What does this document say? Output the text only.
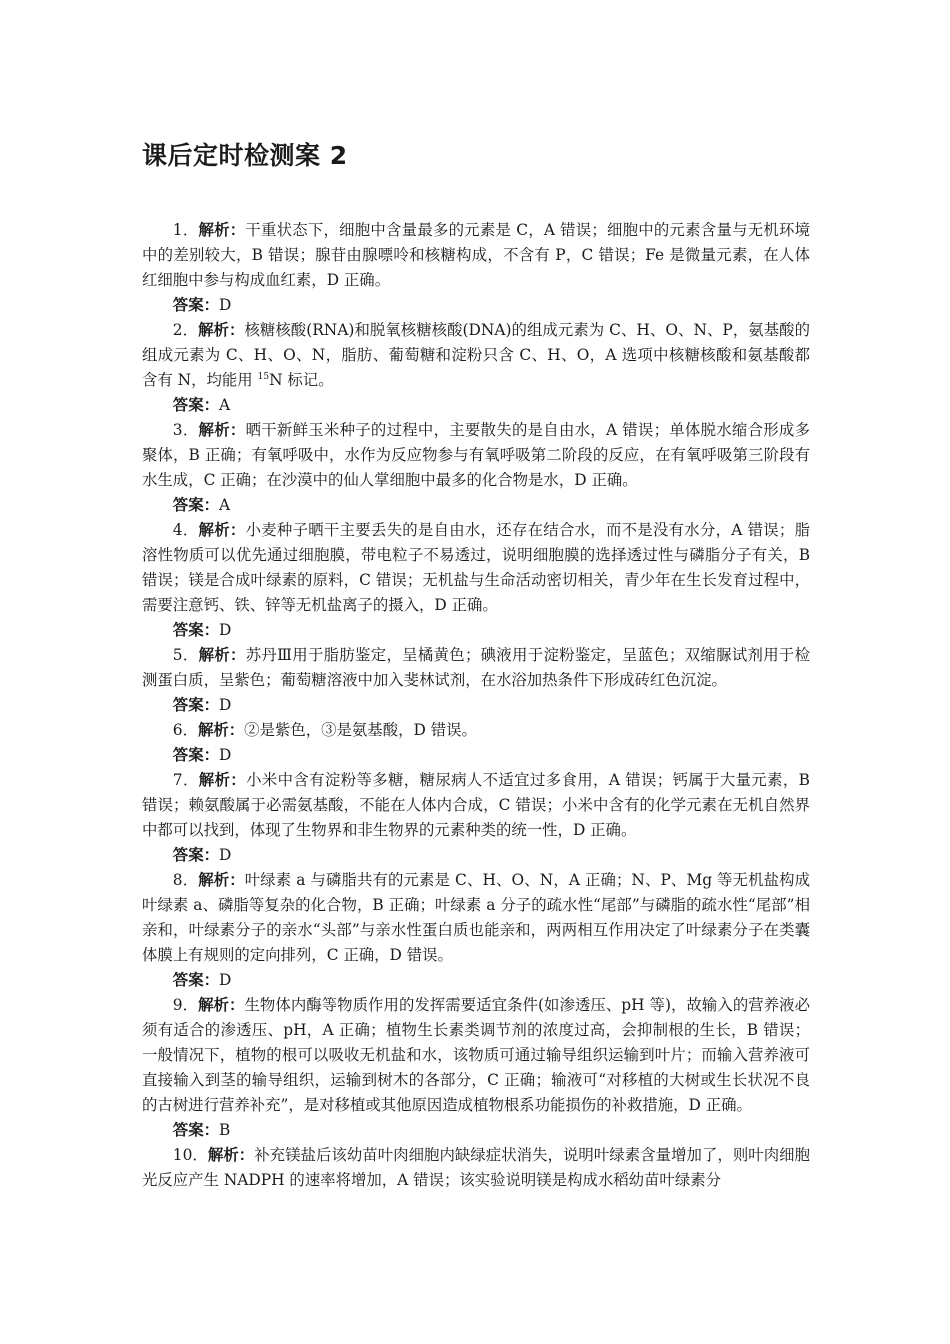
课后定时检测案 2

1．解析：干重状态下，细胞中含量最多的元素是 C，A 错误；细胞中的元素含量与无机环境中的差别较大，B 错误；腺苷由腺嘌呤和核糖构成，不含有 P，C 错误；Fe 是微量元素，在人体红细胞中参与构成血红素，D 正确。

答案：D

2．解析：核糖核酸(RNA)和脱氧核糖核酸(DNA)的组成元素为 C、H、O、N、P，氨基酸的组成元素为 C、H、O、N，脂肪、葡萄糖和淀粉只含 C、H、O，A 选项中核糖核酸和氨基酸都含有 N，均能用 $^{15}$N 标记。

答案：A

3．解析：晒干新鲜玉米种子的过程中，主要散失的是自由水，A 错误；单体脱水缩合形成多聚体，B 正确；有氧呼吸中，水作为反应物参与有氧呼吸第二阶段的反应，在有氧呼吸第三阶段有水生成，C 正确；在沙漠中的仙人掌细胞中最多的化合物是水，D 正确。

答案：A

4．解析：小麦种子晒干主要丢失的是自由水，还存在结合水，而不是没有水分，A 错误；脂溶性物质可以优先通过细胞膜，带电粒子不易透过，说明细胞膜的选择透过性与磷脂分子有关，B 错误；镁是合成叶绿素的原料，C 错误；无机盐与生命活动密切相关，青少年在生长发育过程中，需要注意钙、铁、锌等无机盐离子的摄入，D 正确。

答案：D

5．解析：苏丹Ⅲ用于脂肪鉴定，呈橘黄色；碘液用于淀粉鉴定，呈蓝色；双缩脲试剂用于检测蛋白质，呈紫色；葡萄糖溶液中加入斐林试剂，在水浴加热条件下形成砖红色沉淀。

答案：D

6．解析：②是紫色，③是氨基酸，D 错误。

答案：D

7．解析：小米中含有淀粉等多糖，糖尿病人不适宜过多食用，A 错误；钙属于大量元素，B 错误；赖氨酸属于必需氨基酸，不能在人体内合成，C 错误；小米中含有的化学元素在无机自然界中都可以找到，体现了生物界和非生物界的元素种类的统一性，D 正确。

答案：D

8．解析：叶绿素 a 与磷脂共有的元素是 C、H、O、N，A 正确；N、P、Mg 等无机盐构成叶绿素 a、磷脂等复杂的化合物，B 正确；叶绿素 a 分子的疏水性“尾部”与磷脂的疏水性“尾部”相亲和，叶绿素分子的亲水“头部”与亲水性蛋白质也能亲和，两两相互作用决定了叶绿素分子在类囊体膜上有规则的定向排列，C 正确，D 错误。

答案：D

9．解析：生物体内酶等物质作用的发挥需要适宜条件(如渗透压、pH 等)，故输入的营养液必须有适合的渗透压、pH，A 正确；植物生长素类调节剂的浓度过高，会抑制根的生长，B 错误；一般情况下，植物的根可以吸收无机盐和水，该物质可通过输导组织运输到叶片；而输入营养液可直接输入到茎的输导组织，运输到树木的各部分，C 正确；输液可“对移植的大树或生长状况不良的古树进行营养补充”，是对移植或其他原因造成植物根系功能损伤的补救措施，D 正确。

答案：B

10．解析：补充镁盐后该幼苗叶肉细胞内缺绿症状消失，说明叶绿素含量增加了，则叶肉细胞光反应产生 NADPH 的速率将增加，A 错误；该实验说明镁是构成水稻幼苗叶绿素分
